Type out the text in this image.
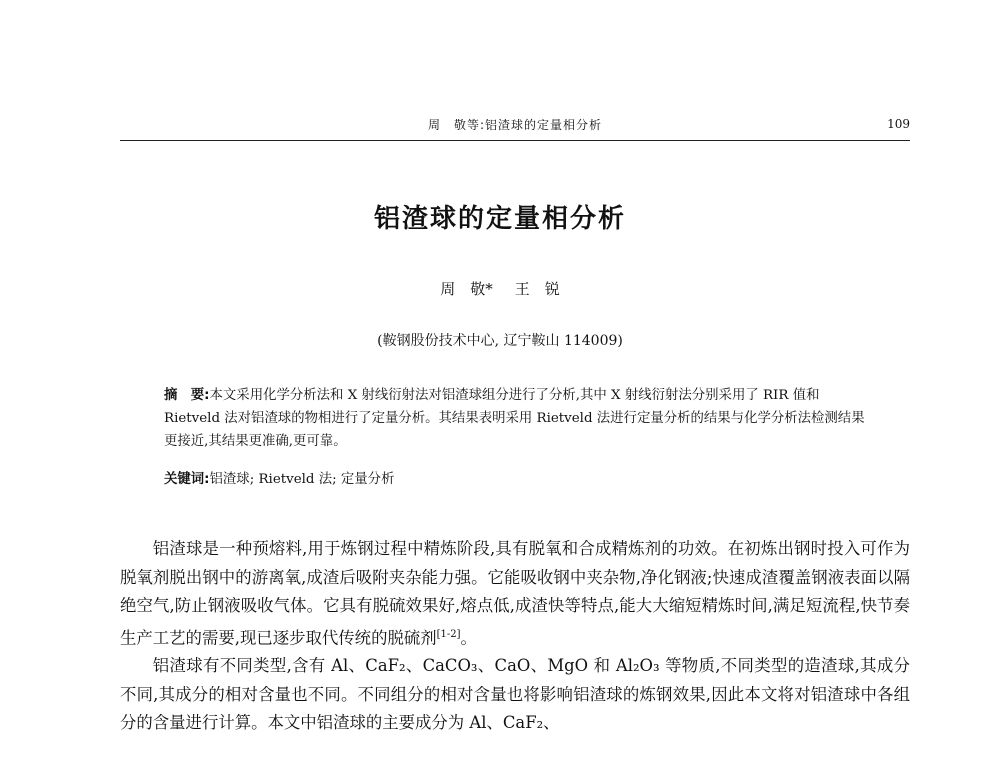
周　敬等:铝渣球的定量相分析	109
铝渣球的定量相分析
周　敬* 王　锐
(鞍钢股份技术中心, 辽宁鞍山 114009)
摘　要:本文采用化学分析法和 X 射线衍射法对铝渣球组分进行了分析,其中 X 射线衍射法分别采用了 RIR 值和 Rietveld 法对铝渣球的物相进行了定量分析。其结果表明采用 Rietveld 法进行定量分析的结果与化学分析法检测结果更接近,其结果更准确,更可靠。
关键词:铝渣球; Rietveld 法; 定量分析

铝渣球是一种预熔料,用于炼钢过程中精炼阶段,具有脱氧和合成精炼剂的功效。在初炼出钢时投入可作为脱氧剂脱出钢中的游离氧,成渣后吸附夹杂能力强。它能吸收钢中夹杂物,净化钢液;快速成渣覆盖钢液表面以隔绝空气,防止钢液吸收气体。它具有脱硫效果好,熔点低,成渣快等特点,能大大缩短精炼时间,满足短流程,快节奏生产工艺的需要,现已逐步取代传统的脱硫剂[1-2]。

铝渣球有不同类型,含有 Al、CaF₂、CaCO₃、CaO、MgO 和 Al₂O₃ 等物质,不同类型的造渣球,其成分不同,其成分的相对含量也不同。不同组分的相对含量也将影响铝渣球的炼钢效果,因此本文将对铝渣球中各组分的含量进行计算。本文中铝渣球的主要成分为 Al、CaF₂、
